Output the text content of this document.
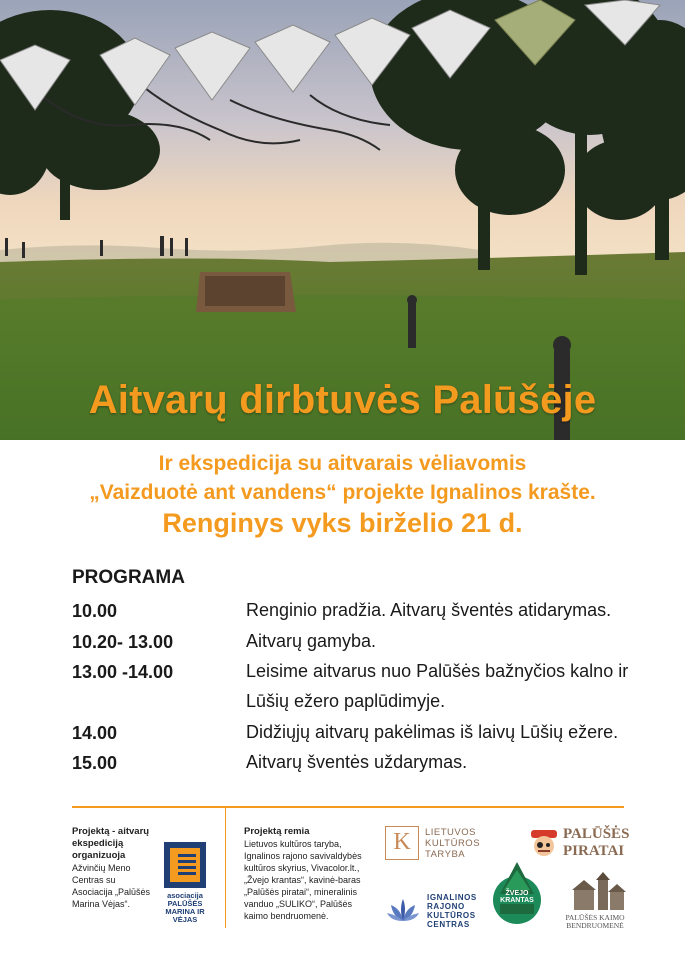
Aitvarų dirbtuvės Palūšėje
Ir ekspedicija su aitvarais vėliavomis
„Vaizduotė ant vandens“ projekte Ignalinos krašte.
Renginys vyks birželio 21 d.
PROGRAMA
10.00	Renginio pradžia. Aitvarų šventės atidarymas.
10.20- 13.00	Aitvarų gamyba.
13.00 -14.00	Leisime aitvarus nuo Palūšės bažnyčios kalno ir Lūšių ežero paplūdimyje.
14.00	Didžiųjų aitvarų pakėlimas iš laivų Lūšių ežere.
15.00	Aitvarų šventės uždarymas.
Projektą - aitvarų ekspediciją organizuoja
Ažvinčių Meno Centras su Asociacija „Palūšės Marina Vėjas“.
asociacija PALŪŠĖS MARINA IR VĖJAS
Projektą remia
Lietuvos kultūros taryba, Ignalinos rajono savivaldybės kultūros skyrius, Vivacolor.lt., „Žvejo krantas“, kavinė-baras „Palūšės piratai“, mineralinis vanduo „SULIKO“, Palūšės kaimo bendruomenė.
K	LIETUVOS KULTŪROS TARYBA
PALŪŠĖS PIRATAI
IGNALINOS RAJONO KULTŪROS CENTRAS
ŽVEJO KRANTAS
PALŪŠĖS KAIMO BENDRUOMENĖ
